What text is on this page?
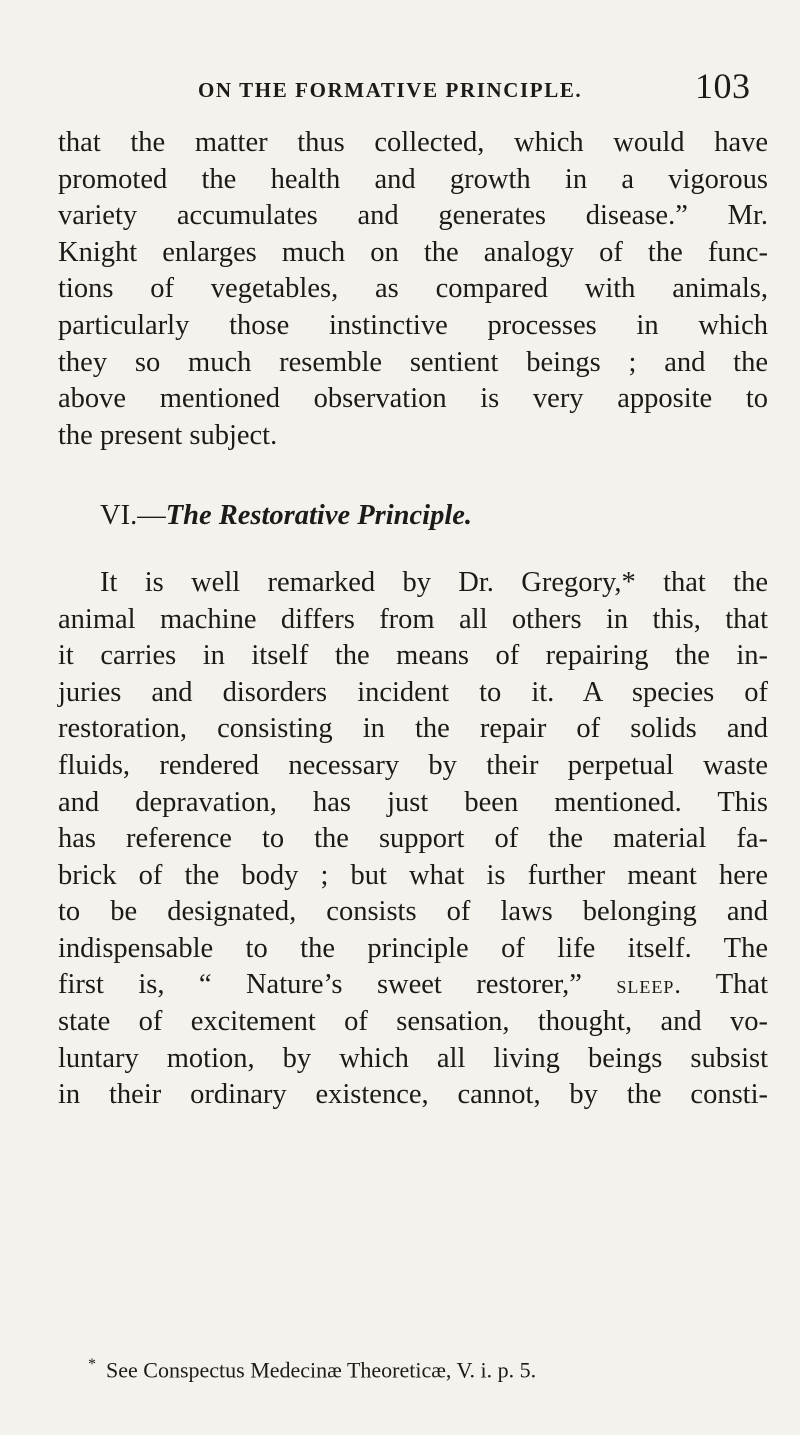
ON THE FORMATIVE PRINCIPLE.	103
that the matter thus collected, which would have
promoted the health and growth in a vigorous
variety accumulates and generates disease.” Mr.
Knight enlarges much on the analogy of the func-
tions of vegetables, as compared with animals,
particularly those instinctive processes in which
they so much resemble sentient beings ; and the
above mentioned observation is very apposite to
the present subject.
VI.—The Restorative Principle.
It is well remarked by Dr. Gregory,* that the
animal machine differs from all others in this, that
it carries in itself the means of repairing the in-
juries and disorders incident to it. A species of
restoration, consisting in the repair of solids and
fluids, rendered necessary by their perpetual waste
and depravation, has just been mentioned. This
has reference to the support of the material fa-
brick of the body ; but what is further meant here
to be designated, consists of laws belonging and
indispensable to the principle of life itself. The
first is, “ Nature’s sweet restorer,” sleep. That
state of excitement of sensation, thought, and vo-
luntary motion, by which all living beings subsist
in their ordinary existence, cannot, by the consti-
* See Conspectus Medecinæ Theoreticæ, V. i. p. 5.
